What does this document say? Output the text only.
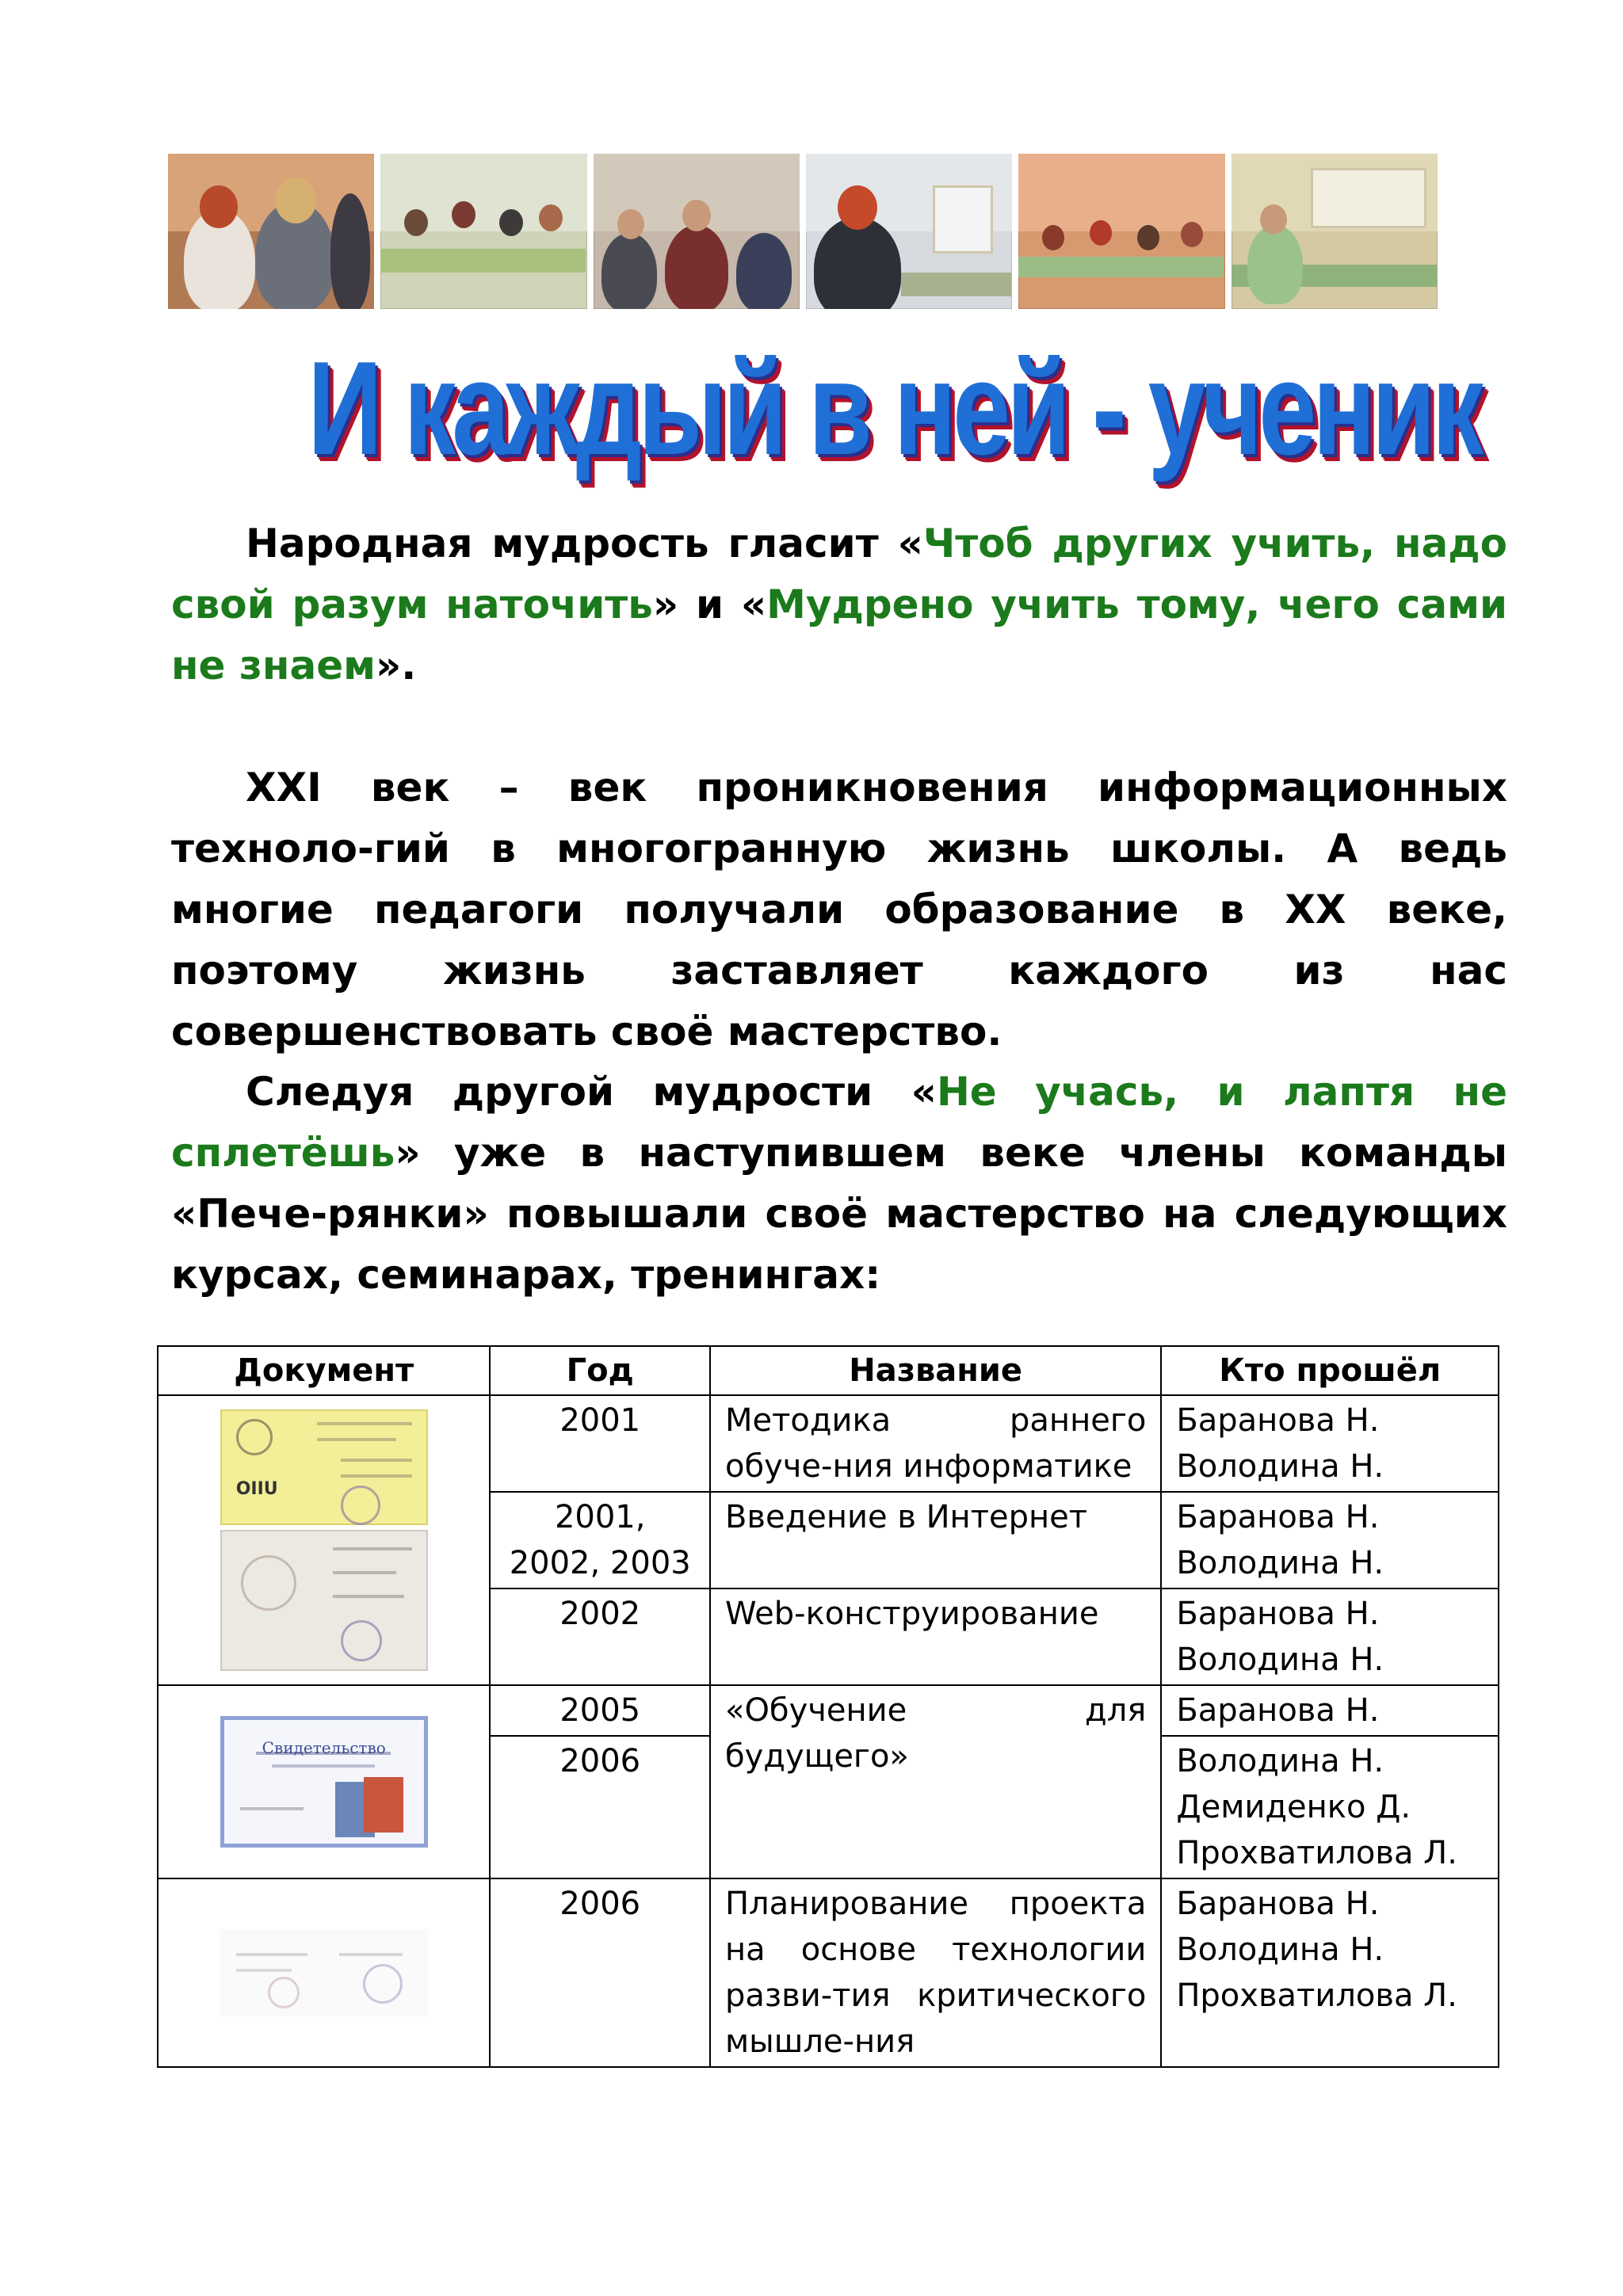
И каждый в ней - ученик

Народная мудрость гласит «Чтоб других учить, надо свой разум наточить» и «Мудрено учить тому, чего сами не знаем».

XXI век – век проникновения информационных техноло-гий в многогранную жизнь школы. А ведь многие педагоги получали образование в XX веке, поэтому жизнь заставляет каждого из нас совершенствовать своё мастерство.

Следуя другой мудрости «Не учась, и лаптя не сплетёшь» уже в наступившем веке члены команды «Пече-рянки» повышали своё мастерство на следующих курсах, семинарах, тренингах:

Документ	Год	Название	Кто прошёл

OIIU	2001	Методика раннего обуче-ния информатике	Баранова Н.
Володина Н.

	2001, 2002, 2003	Введение в Интернет	Баранова Н.
Володина Н.

	2002	Web-конструирование	Баранова Н.
Володина Н.

Свидетельство	2005	«Обучение для будущего»	Баранова Н.

	2006		Володина Н.
Демиденко Д.
Прохватилова Л.

	2006	Планирование проекта на основе технологии разви-тия критического мышле-ния	Баранова Н.
Володина Н.
Прохватилова Л.
